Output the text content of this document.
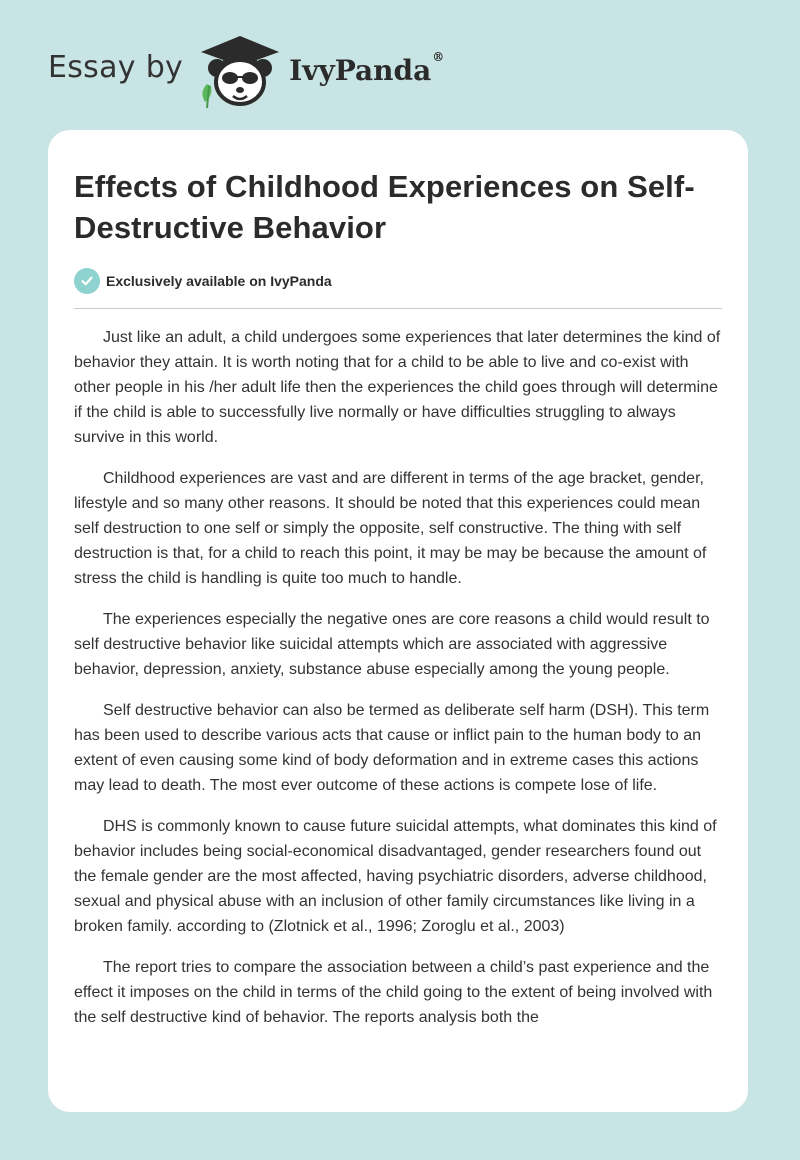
Essay by	IvyPanda®
Effects of Childhood Experiences on Self-Destructive Behavior
Exclusively available on IvyPanda

Just like an adult, a child undergoes some experiences that later determines the kind of behavior they attain. It is worth noting that for a child to be able to live and co-exist with other people in his /her adult life then the experiences the child goes through will determine if the child is able to successfully live normally or have difficulties struggling to always survive in this world.

Childhood experiences are vast and are different in terms of the age bracket, gender, lifestyle and so many other reasons. It should be noted that this experiences could mean self destruction to one self or simply the opposite, self constructive. The thing with self destruction is that, for a child to reach this point, it may be may be because the amount of stress the child is handling is quite too much to handle.

The experiences especially the negative ones are core reasons a child would result to self destructive behavior like suicidal attempts which are associated with aggressive behavior, depression, anxiety, substance abuse especially among the young people.

Self destructive behavior can also be termed as deliberate self harm (DSH). This term has been used to describe various acts that cause or inflict pain to the human body to an extent of even causing some kind of body deformation and in extreme cases this actions may lead to death. The most ever outcome of these actions is compete lose of life.

DHS is commonly known to cause future suicidal attempts, what dominates this kind of behavior includes being social-economical disadvantaged, gender researchers found out the female gender are the most affected, having psychiatric disorders, adverse childhood, sexual and physical abuse with an inclusion of other family circumstances like living in a broken family. according to (Zlotnick et al., 1996; Zoroglu et al., 2003)

The report tries to compare the association between a child’s past experience and the effect it imposes on the child in terms of the child going to the extent of being involved with the self destructive kind of behavior. The reports analysis both the
